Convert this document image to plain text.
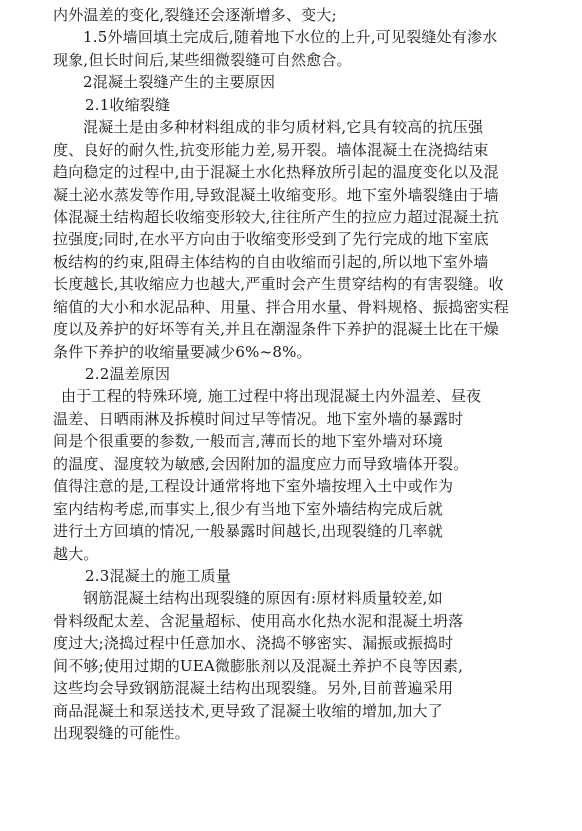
内外温差的变化,裂缝还会逐渐增多、变大;
1.5外墙回填土完成后,随着地下水位的上升,可见裂缝处有渗水
现象,但长时间后,某些细微裂缝可自然愈合。
2混凝土裂缝产生的主要原因
2.1收缩裂缝
混凝土是由多种材料组成的非匀质材料,它具有较高的抗压强
度、良好的耐久性,抗变形能力差,易开裂。墙体混凝土在浇捣结束
趋向稳定的过程中,由于混凝土水化热释放所引起的温度变化以及混
凝土泌水蒸发等作用,导致混凝土收缩变形。地下室外墙裂缝由于墙
体混凝土结构超长收缩变形较大,往往所产生的拉应力超过混凝土抗
拉强度;同时,在水平方向由于收缩变形受到了先行完成的地下室底
板结构的约束,阻碍主体结构的自由收缩而引起的,所以地下室外墙
长度越长,其收缩应力也越大,严重时会产生贯穿结构的有害裂缝。收
缩值的大小和水泥品种、用量、拌合用水量、骨料规格、振捣密实程
度以及养护的好坏等有关,并且在潮湿条件下养护的混凝土比在干燥
条件下养护的收缩量要减少6%~8%。
2.2温差原因
由于工程的特殊环境, 施工过程中将出现混凝土内外温差、昼夜
温差、日晒雨淋及拆模时间过早等情况。地下室外墙的暴露时
间是个很重要的参数,一般而言,薄而长的地下室外墙对环境
的温度、湿度较为敏感,会因附加的温度应力而导致墙体开裂。
值得注意的是,工程设计通常将地下室外墙按埋入土中或作为
室内结构考虑,而事实上,很少有当地下室外墙结构完成后就
进行土方回填的情况,一般暴露时间越长,出现裂缝的几率就
越大。
2.3混凝土的施工质量
钢筋混凝土结构出现裂缝的原因有:原材料质量较差,如
骨料级配太差、含泥量超标、使用高水化热水泥和混凝土坍落
度过大;浇捣过程中任意加水、浇捣不够密实、漏振或振捣时
间不够;使用过期的UEA微膨胀剂以及混凝土养护不良等因素,
这些均会导致钢筋混凝土结构出现裂缝。另外,目前普遍采用
商品混凝土和泵送技术,更导致了混凝土收缩的增加,加大了
出现裂缝的可能性。
